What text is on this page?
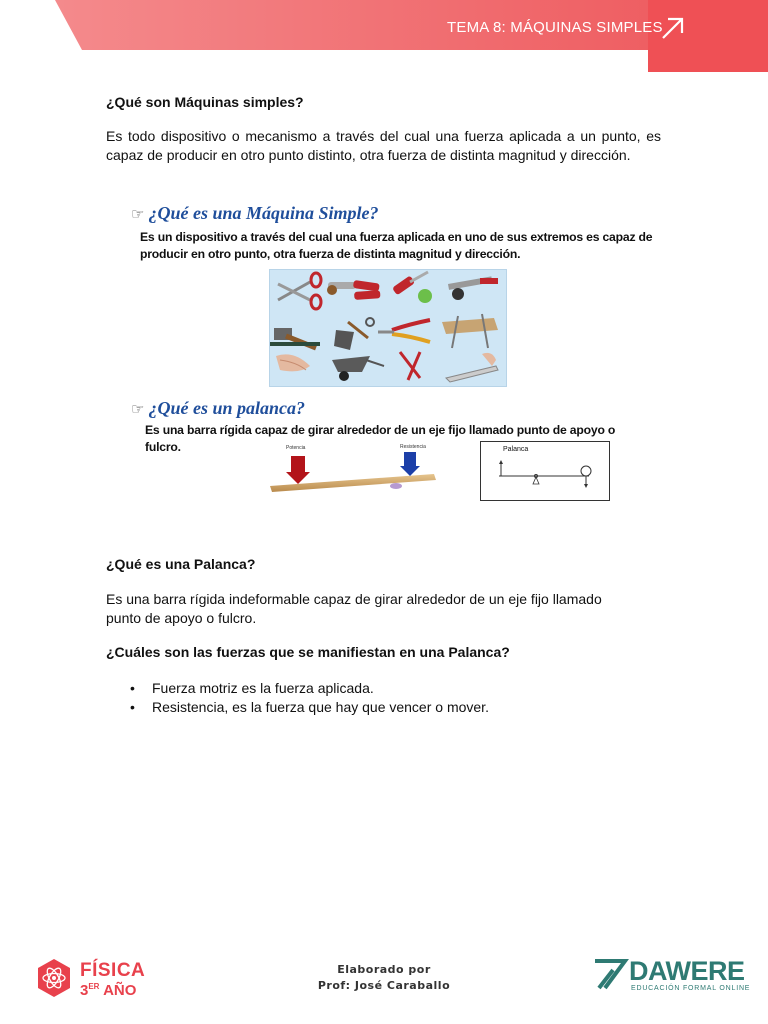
TEMA 8: MÁQUINAS SIMPLES
¿Qué son Máquinas simples?
Es todo dispositivo o mecanismo a través del cual una fuerza aplicada a un punto, es capaz de producir en otro punto distinto, otra fuerza de distinta magnitud y dirección.
☞ ¿Qué es una Máquina Simple?
Es un dispositivo a través del cual una fuerza aplicada en uno de sus extremos es capaz de
producir en otro punto, otra fuerza de distinta magnitud y dirección.
☞ ¿Qué es un palanca?
Es una barra rígida capaz de girar alrededor de un eje fijo llamado punto de apoyo o
fulcro.	Potencia	Resistencia	Palanca
¿Qué es una Palanca?
Es una barra rígida indeformable capaz de girar alrededor de un eje fijo llamado
punto de apoyo o fulcro.
¿Cuáles son las fuerzas que se manifiestan en una Palanca?
•	Fuerza motriz es la fuerza aplicada.
•	Resistencia, es la fuerza que hay que vencer o mover.
FÍSICA
3ER AÑO
Elaborado por
Prof: José Caraballo	DAWERE
EDUCACIÓN FORMAL ONLINE
